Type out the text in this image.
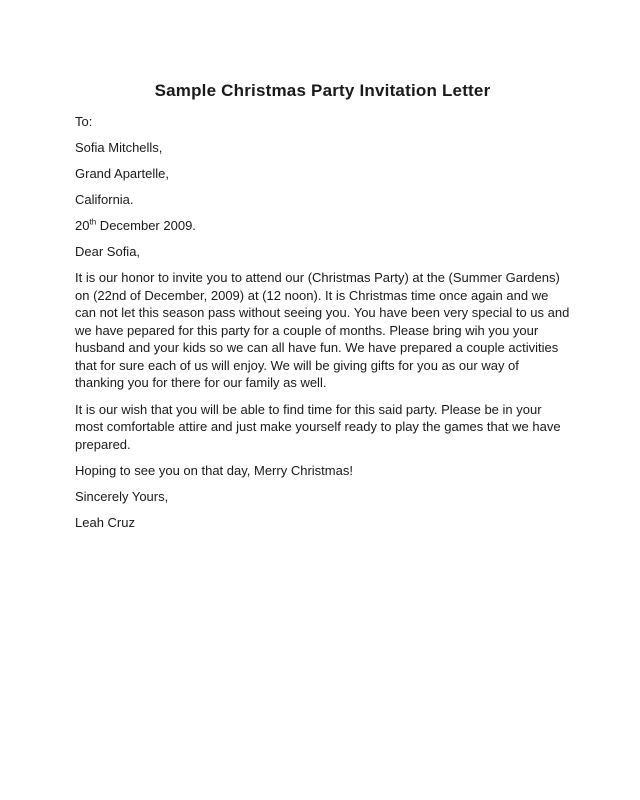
Sample Christmas Party Invitation Letter
To:
Sofia Mitchells,
Grand Apartelle,
California.
20th December 2009.
Dear Sofia,

It is our honor to invite you to attend our (Christmas Party) at the (Summer Gardens) on (22nd of December, 2009) at (12 noon). It is Christmas time once again and we can not let this season pass without seeing you. You have been very special to us and we have pepared for this party for a couple of months. Please bring wih you your husband and your kids so we can all have fun. We have prepared a couple activities that for sure each of us will enjoy. We will be giving gifts for you as our way of thanking you for there for our family as well.

It is our wish that you will be able to find time for this said party. Please be in your most comfortable attire and just make yourself ready to play the games that we have prepared.

Hoping to see you on that day, Merry Christmas!
Sincerely Yours,
Leah Cruz
